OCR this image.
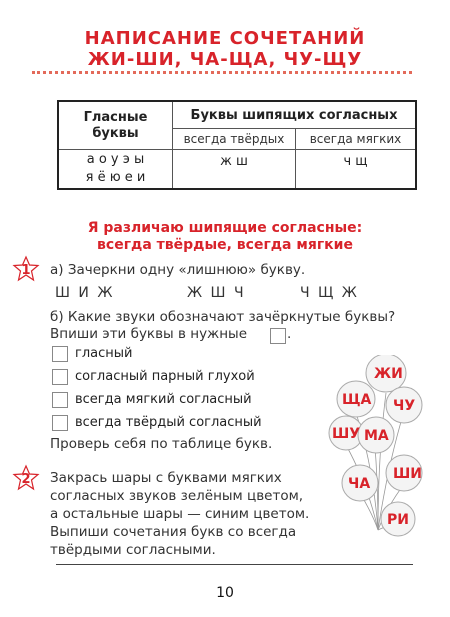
НАПИСАНИЕ СОЧЕТАНИЙ
ЖИ-ШИ, ЧА-ЩА, ЧУ-ЩУ
Гласные буквы	Буквы шипящих согласных	
	всегда твёрдых	всегда мягких

а о у э ы
я ё ю е и	ж ш	ч щ
Я различаю шипящие согласные:
всегда твёрдые, всегда мягкие
1 а) Зачеркни одну «лишнюю» букву.
Ш И Ж	Ж Ш Ч	Ч Щ Ж
б) Какие звуки обозначают зачёркнутые буквы?
Впиши эти буквы в нужные	.
гласный
согласный парный глухой
всегда мягкий согласный
всегда твёрдый согласный
Проверь себя по таблице букв.
2 Закрась шары с буквами мягких
согласных звуков зелёным цветом,
а остальные шары — синим цветом.
Выпиши сочетания букв со всегда
твёрдыми согласными.
ЖИ
ЩА ЧУ
ШУ МА
ШИ
ЧА
РИ
10
